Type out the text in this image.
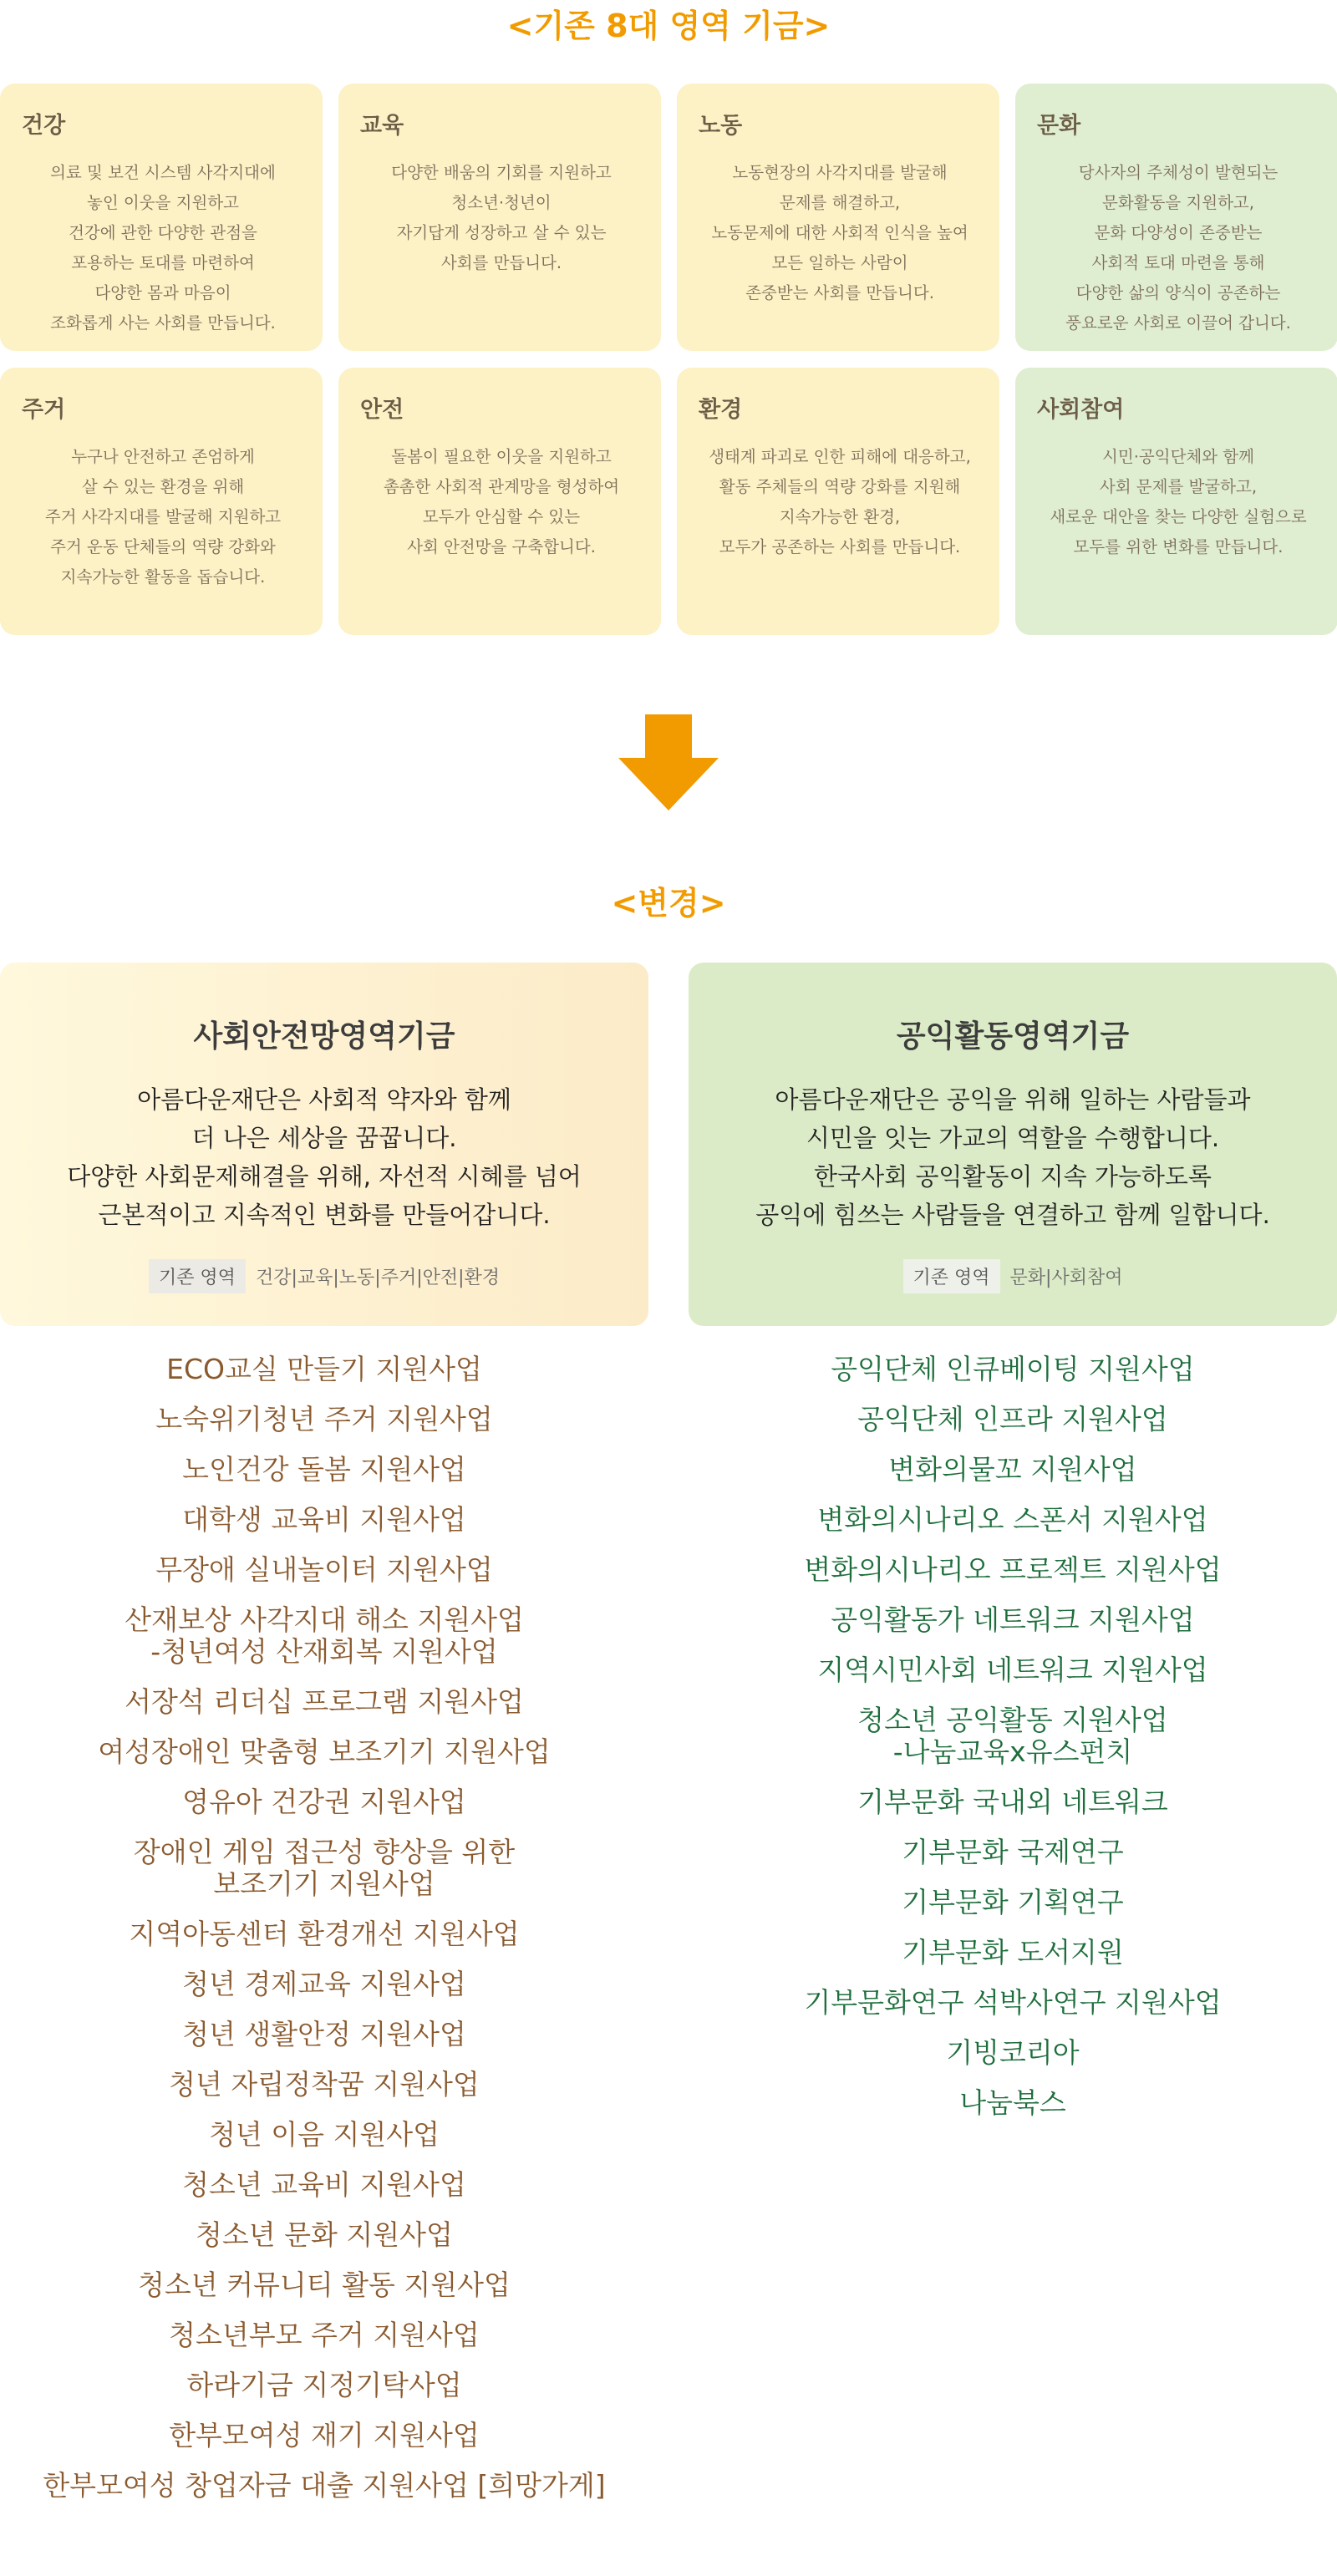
<기존 8대 영역 기금>
건강

의료 및 보건 시스템 사각지대에
놓인 이웃을 지원하고
건강에 관한 다양한 관점을
포용하는 토대를 마련하여
다양한 몸과 마음이
조화롭게 사는 사회를 만듭니다.

교육

다양한 배움의 기회를 지원하고
청소년·청년이
자기답게 성장하고 살 수 있는
사회를 만듭니다.

노동

노동현장의 사각지대를 발굴해
문제를 해결하고,
노동문제에 대한 사회적 인식을 높여
모든 일하는 사람이
존중받는 사회를 만듭니다.

문화

당사자의 주체성이 발현되는
문화활동을 지원하고,
문화 다양성이 존중받는
사회적 토대 마련을 통해
다양한 삶의 양식이 공존하는
풍요로운 사회로 이끌어 갑니다.

주거

누구나 안전하고 존엄하게
살 수 있는 환경을 위해
주거 사각지대를 발굴해 지원하고
주거 운동 단체들의 역량 강화와
지속가능한 활동을 돕습니다.

안전

돌봄이 필요한 이웃을 지원하고
촘촘한 사회적 관계망을 형성하여
모두가 안심할 수 있는
사회 안전망을 구축합니다.

환경

생태계 파괴로 인한 피해에 대응하고,
활동 주체들의 역량 강화를 지원해
지속가능한 환경,
모두가 공존하는 사회를 만듭니다.

사회참여

시민·공익단체와 함께
사회 문제를 발굴하고,
새로운 대안을 찾는 다양한 실험으로
모두를 위한 변화를 만듭니다.

<변경>
사회안전망영역기금
아름다운재단은 사회적 약자와 함께
더 나은 세상을 꿈꿉니다.
다양한 사회문제해결을 위해, 자선적 시혜를 넘어
근본적이고 지속적인 변화를 만들어갑니다.
기존 영역 건강|교육|노동|주거|안전|환경
공익활동영역기금
아름다운재단은 공익을 위해 일하는 사람들과
시민을 잇는 가교의 역할을 수행합니다.
한국사회 공익활동이 지속 가능하도록
공익에 힘쓰는 사람들을 연결하고 함께 일합니다.
기존 영역 문화|사회참여
ECO교실 만들기 지원사업
노숙위기청년 주거 지원사업
노인건강 돌봄 지원사업
대학생 교육비 지원사업
무장애 실내놀이터 지원사업
산재보상 사각지대 해소 지원사업
-청년여성 산재회복 지원사업
서장석 리더십 프로그램 지원사업
여성장애인 맞춤형 보조기기 지원사업
영유아 건강권 지원사업
장애인 게임 접근성 향상을 위한
보조기기 지원사업
지역아동센터 환경개선 지원사업
청년 경제교육 지원사업
청년 생활안정 지원사업
청년 자립정착꿈 지원사업
청년 이음 지원사업
청소년 교육비 지원사업
청소년 문화 지원사업
청소년 커뮤니티 활동 지원사업
청소년부모 주거 지원사업
하라기금 지정기탁사업
한부모여성 재기 지원사업
한부모여성 창업자금 대출 지원사업 [희망가게]
공익단체 인큐베이팅 지원사업
공익단체 인프라 지원사업
변화의물꼬 지원사업
변화의시나리오 스폰서 지원사업
변화의시나리오 프로젝트 지원사업
공익활동가 네트워크 지원사업
지역시민사회 네트워크 지원사업
청소년 공익활동 지원사업
-나눔교육x유스펀치
기부문화 국내외 네트워크
기부문화 국제연구
기부문화 기획연구
기부문화 도서지원
기부문화연구 석박사연구 지원사업
기빙코리아
나눔북스
